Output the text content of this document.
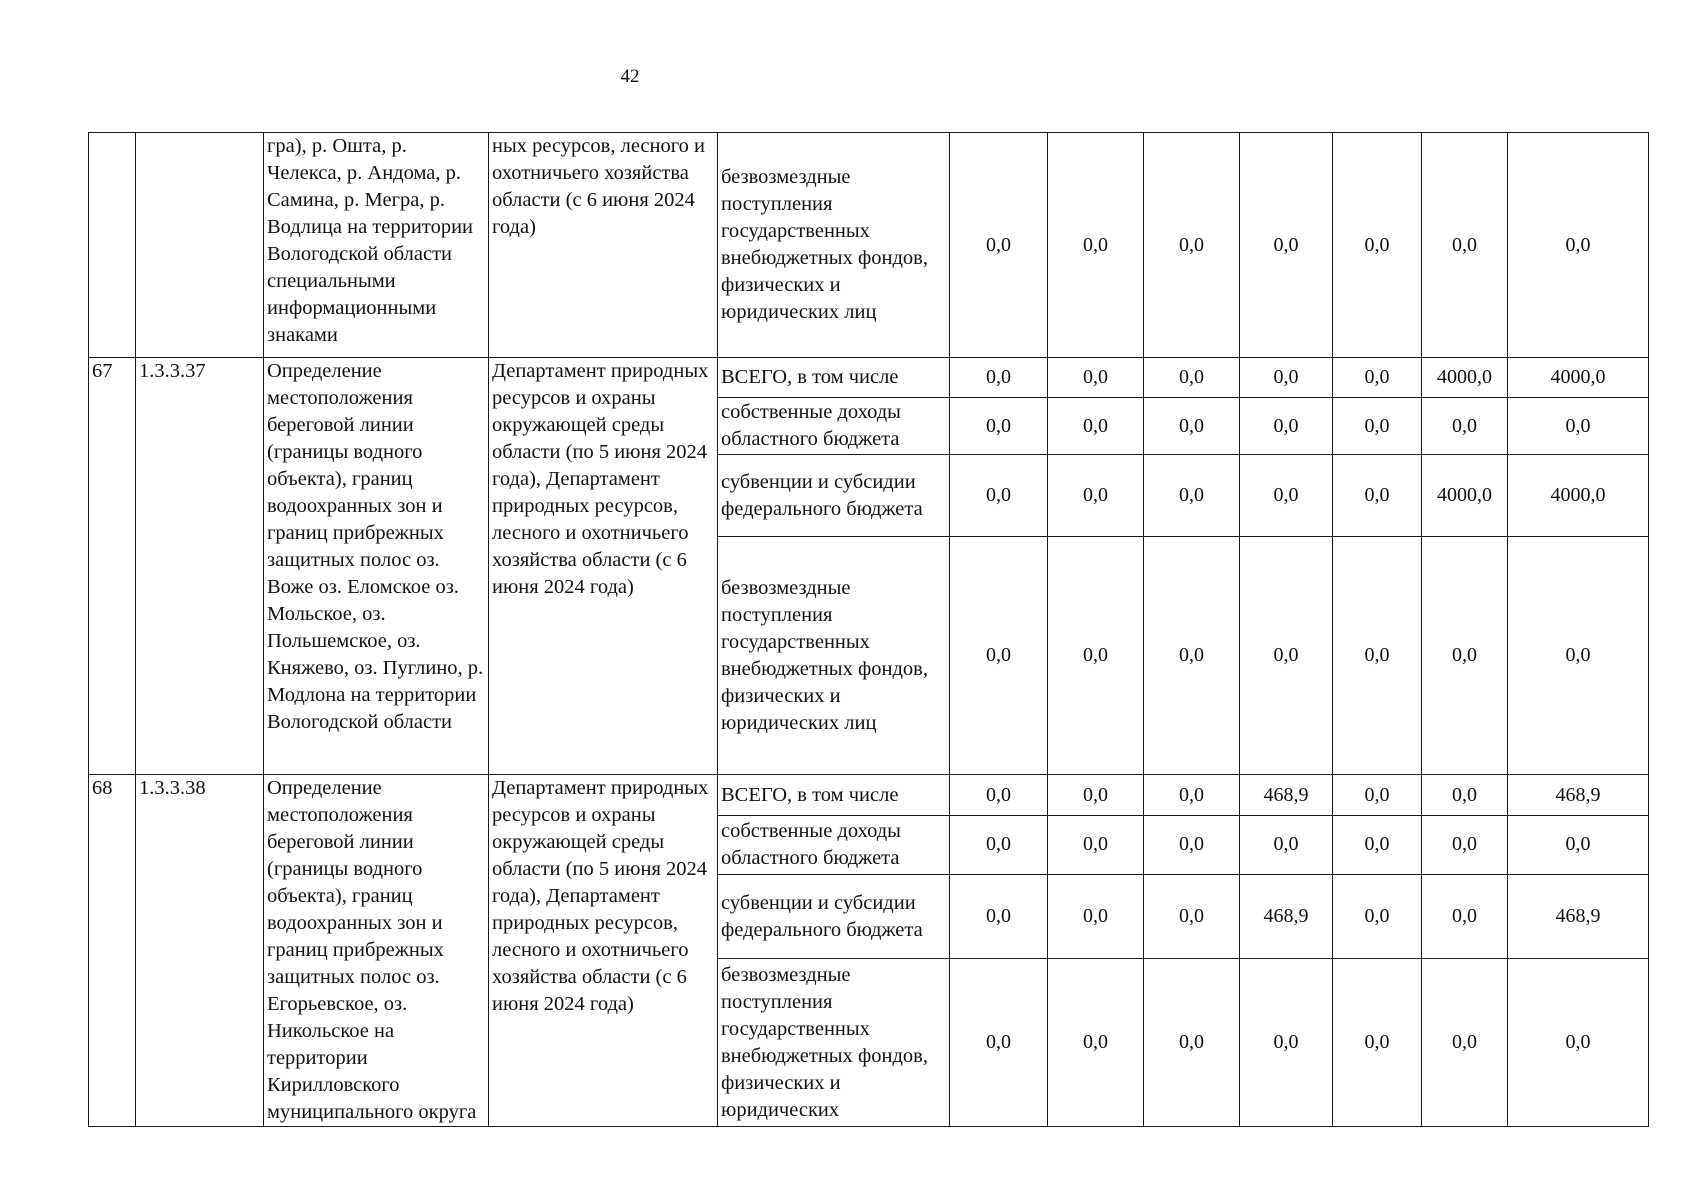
42
		гра), р. Ошта, р. Челекса, р. Андома, р. Самина, р. Мегра, р. Водлица на территории Вологодской области специальными информационными знаками	ных ресурсов, лесного и охотничьего хозяйства области (с 6 июня 2024 года)	безвозмездные поступления государственных внебюджетных фондов, физических и юридических лиц	0,0	0,0	0,0	0,0	0,0	0,0	0,0
67	1.3.3.37	Определение местоположения береговой линии (границы водного объекта), границ водоохранных зон и границ прибрежных защитных полос оз. Воже оз. Еломское оз. Мольское, оз. Польшемское, оз. Княжево, оз. Пуглино, р. Модлона на территории Вологодской области	Департамент природных ресурсов и охраны окружающей среды области (по 5 июня 2024 года), Департамент природных ресурсов, лесного и охотничьего хозяйства области (с 6 июня 2024 года)	ВСЕГО, в том числе	0,0	0,0	0,0	0,0	0,0	4000,0	4000,0
				собственные доходы областного бюджета	0,0	0,0	0,0	0,0	0,0	0,0	0,0
				субвенции и субсидии федерального бюджета	0,0	0,0	0,0	0,0	0,0	4000,0	4000,0
				безвозмездные поступления государственных внебюджетных фондов, физических и юридических лиц	0,0	0,0	0,0	0,0	0,0	0,0	0,0
68	1.3.3.38	Определение местоположения береговой линии (границы водного объекта), границ водоохранных зон и границ прибрежных защитных полос оз. Егорьевское, оз. Никольское на территории Кирилловского муниципального округа	Департамент природных ресурсов и охраны окружающей среды области (по 5 июня 2024 года), Департамент природных ресурсов, лесного и охотничьего хозяйства области (с 6 июня 2024 года)	ВСЕГО, в том числе	0,0	0,0	0,0	468,9	0,0	0,0	468,9
				собственные доходы областного бюджета	0,0	0,0	0,0	0,0	0,0	0,0	0,0
				субвенции и субсидии федерального бюджета	0,0	0,0	0,0	468,9	0,0	0,0	468,9
				безвозмездные поступления государственных внебюджетных фондов, физических и юридических	0,0	0,0	0,0	0,0	0,0	0,0	0,0
